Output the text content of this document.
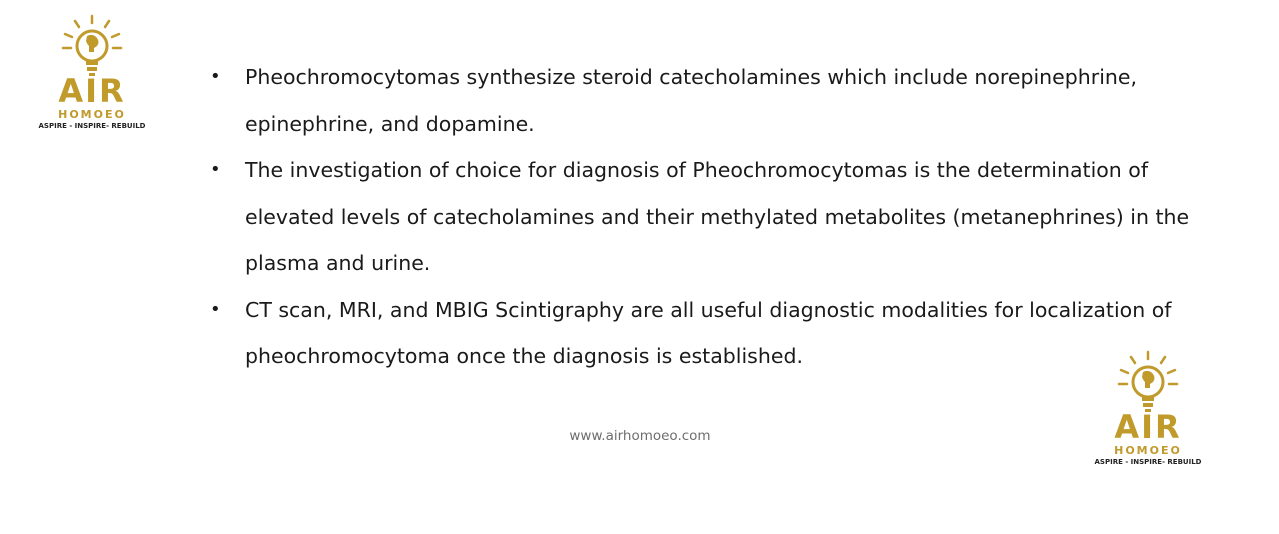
AIR
HOMOEO
ASPIRE - INSPIRE- REBUILD
• Pheochromocytomas synthesize steroid catecholamines which include norepinephrine, epinephrine, and dopamine.
• The investigation of choice for diagnosis of Pheochromocytomas is the determination of elevated levels of catecholamines and their methylated metabolites (metanephrines) in the plasma and urine.
• CT scan, MRI, and MBIG Scintigraphy are all useful diagnostic modalities for localization of pheochromocytoma once the diagnosis is established.
www.airhomoeo.com	AIR
HOMOEO
ASPIRE - INSPIRE- REBUILD
